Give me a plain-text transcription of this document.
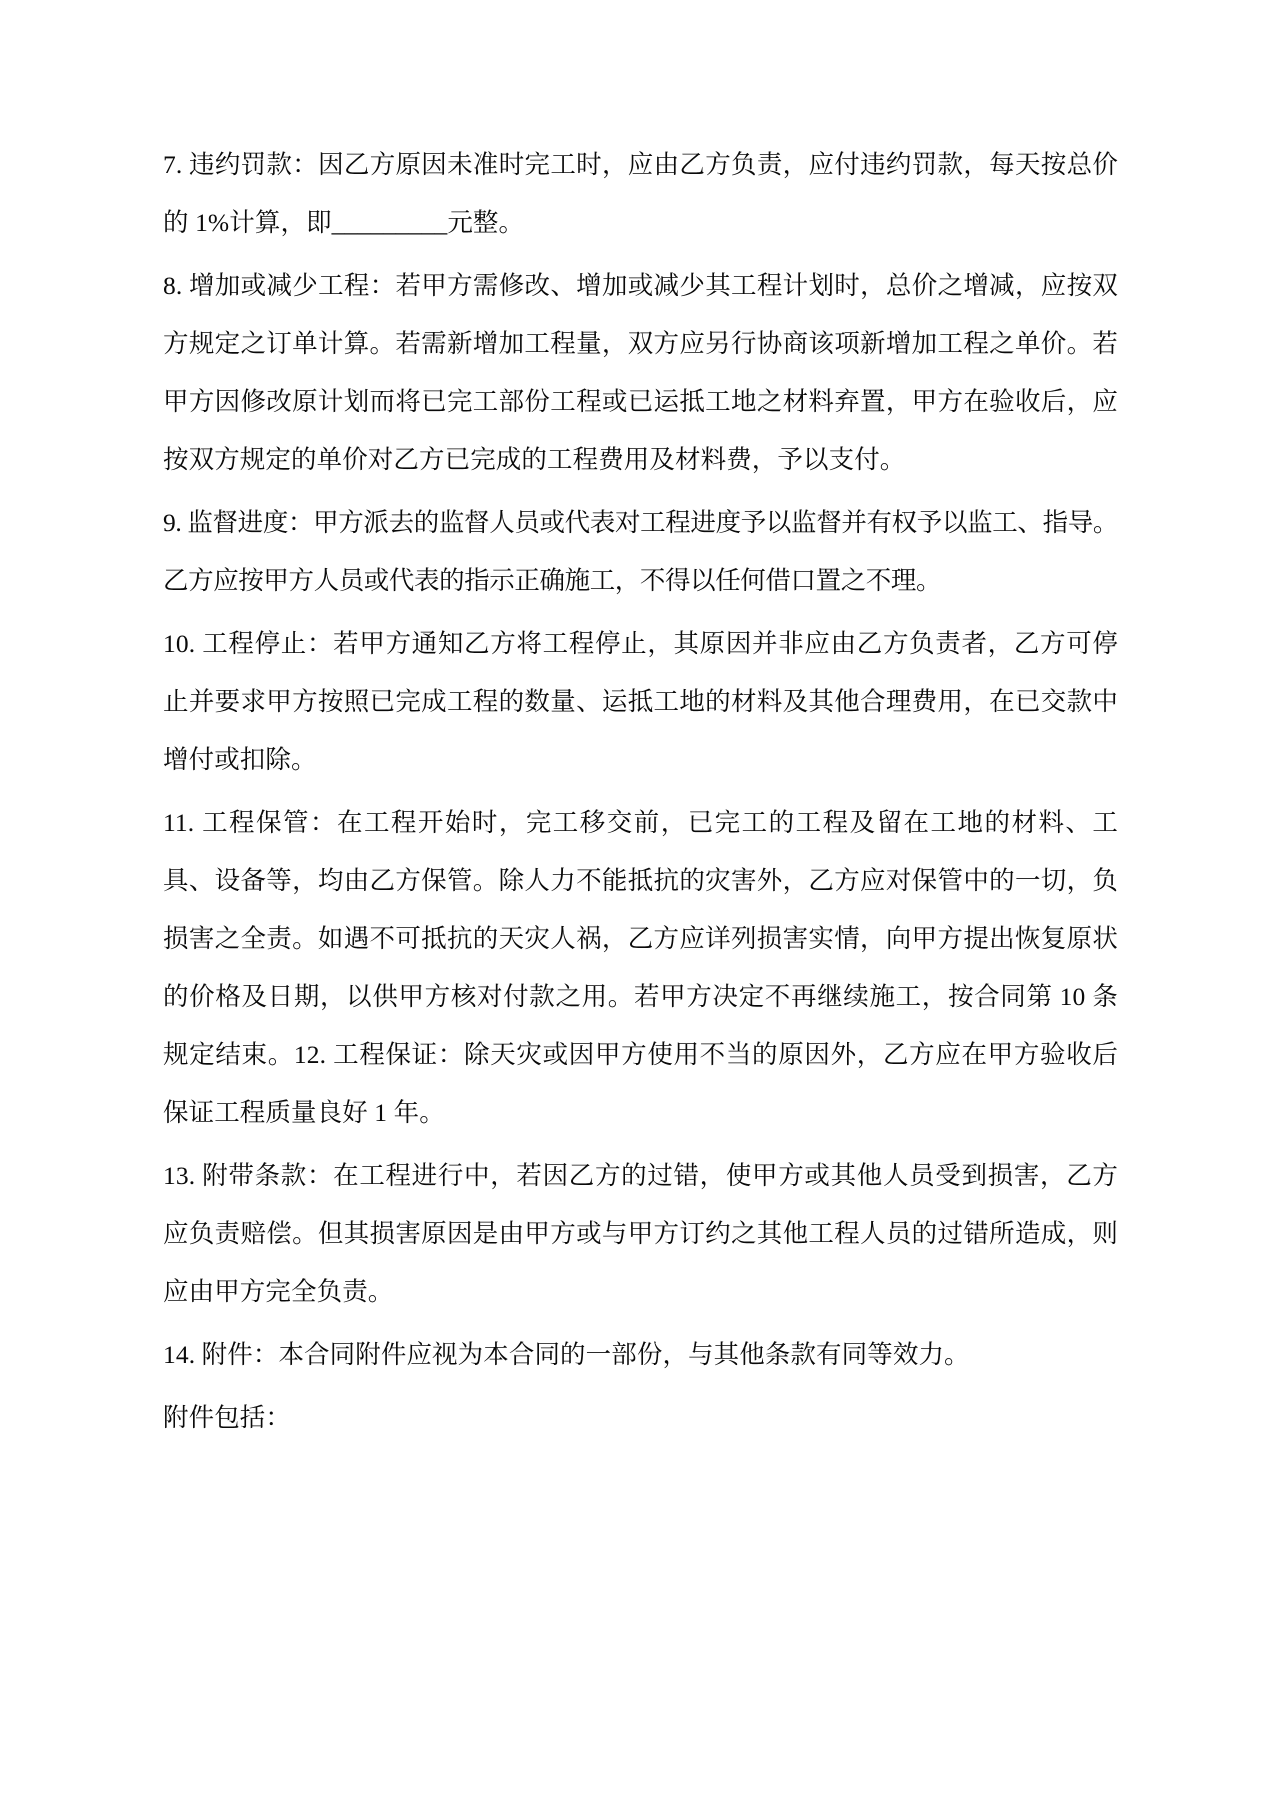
7. 违约罚款：因乙方原因未准时完工时，应由乙方负责，应付违约罚款，每天按总价的 1%计算，即_________元整。

8. 增加或减少工程：若甲方需修改、增加或减少其工程计划时，总价之增减，应按双方规定之订单计算。若需新增加工程量，双方应另行协商该项新增加工程之单价。若甲方因修改原计划而将已完工部份工程或已运抵工地之材料弃置，甲方在验收后，应按双方规定的单价对乙方已完成的工程费用及材料费，予以支付。

9. 监督进度：甲方派去的监督人员或代表对工程进度予以监督并有权予以监工、指导。乙方应按甲方人员或代表的指示正确施工，不得以任何借口置之不理。

10. 工程停止：若甲方通知乙方将工程停止，其原因并非应由乙方负责者，乙方可停止并要求甲方按照已完成工程的数量、运抵工地的材料及其他合理费用，在已交款中增付或扣除。

11. 工程保管：在工程开始时，完工移交前，已完工的工程及留在工地的材料、工具、设备等，均由乙方保管。除人力不能抵抗的灾害外，乙方应对保管中的一切，负损害之全责。如遇不可抵抗的天灾人祸，乙方应详列损害实情，向甲方提出恢复原状的价格及日期，以供甲方核对付款之用。若甲方决定不再继续施工，按合同第 10 条规定结束。12. 工程保证：除天灾或因甲方使用不当的原因外，乙方应在甲方验收后保证工程质量良好 1 年。

13. 附带条款：在工程进行中，若因乙方的过错，使甲方或其他人员受到损害，乙方应负责赔偿。但其损害原因是由甲方或与甲方订约之其他工程人员的过错所造成，则应由甲方完全负责。

14. 附件：本合同附件应视为本合同的一部份，与其他条款有同等效力。

附件包括：
